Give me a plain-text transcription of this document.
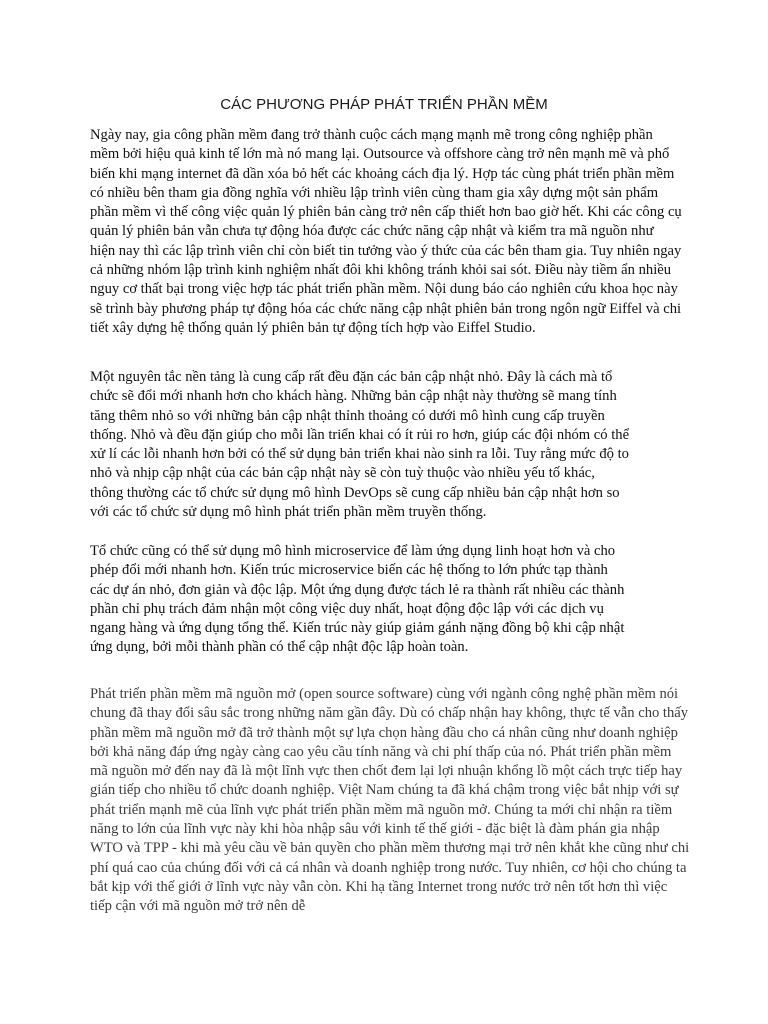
CÁC PHƯƠNG PHÁP PHÁT TRIỂN PHẦN MỀM

Ngày nay, gia công phần mềm đang trở thành cuộc cách mạng mạnh mẽ trong công nghiệp phần mềm bởi hiệu quả kinh tế lớn mà nó mang lại. Outsource và offshore càng trở nên mạnh mẽ và phổ biến khi mạng internet đã dần xóa bỏ hết các khoảng cách địa lý. Hợp tác cùng phát triển phần mềm có nhiều bên tham gia đồng nghĩa với nhiều lập trình viên cùng tham gia xây dựng một sản phẩm phần mềm vì thế công việc quản lý phiên bản càng trở nên cấp thiết hơn bao giờ hết. Khi các công cụ quản lý phiên bản vẫn chưa tự động hóa được các chức năng cập nhật và kiểm tra mã nguồn như hiện nay thì các lập trình viên chỉ còn biết tin tưởng vào ý thức của các bên tham gia. Tuy nhiên ngay cả những nhóm lập trình kinh nghiệm nhất đôi khi không tránh khỏi sai sót. Điều này tiềm ẩn nhiều nguy cơ thất bại trong việc hợp tác phát triển phần mềm. Nội dung báo cáo nghiên cứu khoa học này sẽ trình bày phương pháp tự động hóa các chức năng cập nhật phiên bản trong ngôn ngữ Eiffel và chi tiết xây dựng hệ thống quản lý phiên bản tự động tích hợp vào Eiffel Studio.

Một nguyên tắc nền tảng là cung cấp rất đều đặn các bản cập nhật nhỏ. Đây là cách mà tổ chức sẽ đổi mới nhanh hơn cho khách hàng. Những bản cập nhật này thường sẽ mang tính tăng thêm nhỏ so với những bản cập nhật thỉnh thoảng có dưới mô hình cung cấp truyền thống. Nhỏ và đều đặn giúp cho mỗi lần triển khai có ít rủi ro hơn, giúp các đội nhóm có thể xử lí các lỗi nhanh hơn bởi có thể sử dụng bản triển khai nào sinh ra lỗi. Tuy rằng mức độ to nhỏ và nhịp cập nhật của các bản cập nhật này sẽ còn tuỳ thuộc vào nhiều yếu tố khác, thông thường các tổ chức sử dụng mô hình DevOps sẽ cung cấp nhiều bản cập nhật hơn so với các tổ chức sử dụng mô hình phát triển phần mềm truyền thống.

Tổ chức cũng có thể sử dụng mô hình microservice để làm ứng dụng linh hoạt hơn và cho phép đổi mới nhanh hơn. Kiến trúc microservice biến các hệ thống to lớn phức tạp thành các dự án nhỏ, đơn giản và độc lập. Một ứng dụng được tách lẻ ra thành rất nhiều các thành phần chỉ phụ trách đảm nhận một công việc duy nhất, hoạt động độc lập với các dịch vụ ngang hàng và ứng dụng tổng thể. Kiến trúc này giúp giảm gánh nặng đồng bộ khi cập nhật ứng dụng, bởi mỗi thành phần có thể cập nhật độc lập hoàn toàn.

Phát triển phần mềm mã nguồn mở (open source software) cùng với ngành công nghệ phần mềm nói chung đã thay đổi sâu sắc trong những năm gần đây. Dù có chấp nhận hay không, thực tế vẫn cho thấy phần mềm mã nguồn mở đã trở thành một sự lựa chọn hàng đầu cho cá nhân cũng như doanh nghiệp bởi khả năng đáp ứng ngày càng cao yêu cầu tính năng và chi phí thấp của nó. Phát triển phần mềm mã nguồn mở đến nay đã là một lĩnh vực then chốt đem lại lợi nhuận khổng lồ một cách trực tiếp hay gián tiếp cho nhiều tổ chức doanh nghiệp. Việt Nam chúng ta đã khá chậm trong việc bắt nhịp với sự phát triển mạnh mẽ của lĩnh vực phát triển phần mềm mã nguồn mở. Chúng ta mới chỉ nhận ra tiềm năng to lớn của lĩnh vực này khi hòa nhập sâu với kinh tế thế giới - đặc biệt là đàm phán gia nhập WTO và TPP - khi mà yêu cầu về bản quyền cho phần mềm thương mại trở nên khắt khe cũng như chi phí quá cao của chúng đối với cả cá nhân và doanh nghiệp trong nước. Tuy nhiên, cơ hội cho chúng ta bắt kịp với thế giới ở lĩnh vực này vẫn còn. Khi hạ tầng Internet trong nước trở nên tốt hơn thì việc tiếp cận với mã nguồn mở trở nên dễ
